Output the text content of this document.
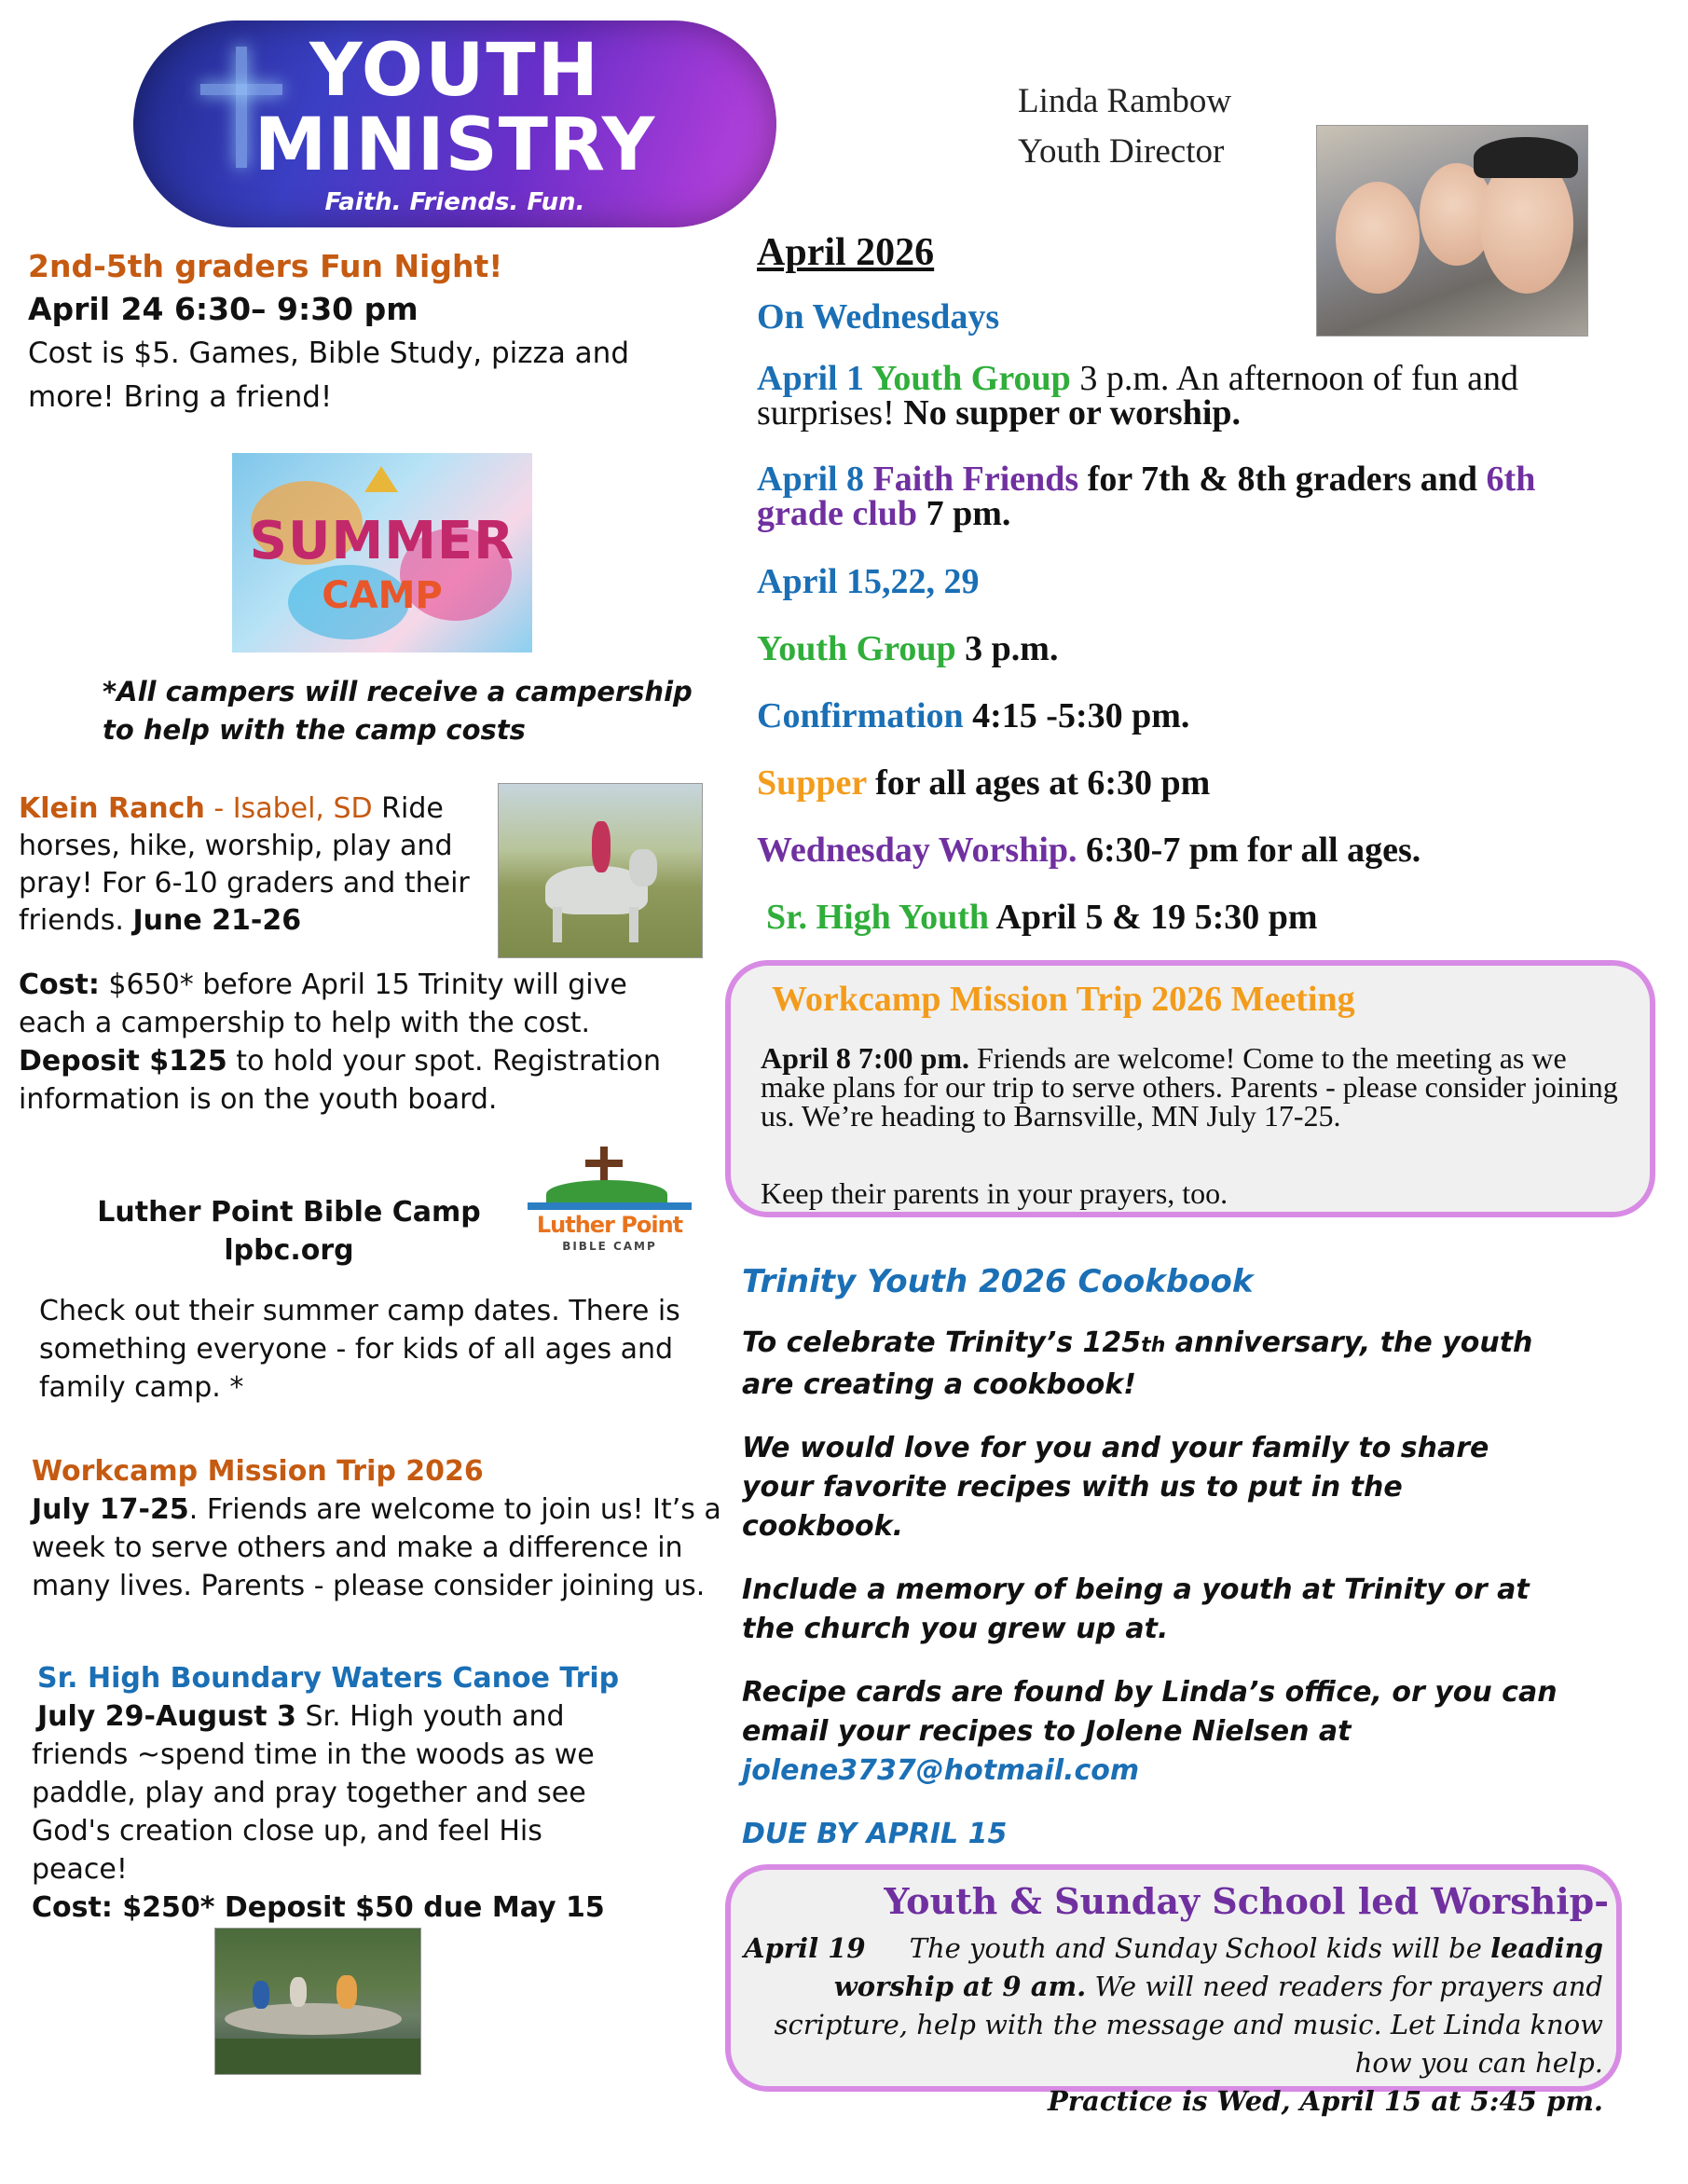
YOUTH
MINISTRY
Faith. Friends. Fun.
Linda Rambow
Youth Director
2nd-5th graders Fun Night!
April 24 6:30– 9:30 pm
Cost is $5. Games, Bible Study, pizza and more! Bring a friend!
SUMMER
CAMP
*All campers will receive a campership to help with the camp costs
Klein Ranch - Isabel, SD Ride horses, hike, worship, play and pray! For 6-10 graders and their friends. June 21-26
Cost: $650* before April 15 Trinity will give each a campership to help with the cost.
Deposit $125 to hold your spot. Registration information is on the youth board.
Luther Point
BIBLE CAMP
Luther Point Bible Camp
lpbc.org
Check out their summer camp dates. There is something everyone - for kids of all ages and family camp. *
Workcamp Mission Trip 2026
July 17-25. Friends are welcome to join us! It’s a week to serve others and make a difference in many lives. Parents - please consider joining us.
Sr. High Boundary Waters Canoe Trip
July 29-August 3 Sr. High youth and friends ~spend time in the woods as we paddle, play and pray together and see God's creation close up, and feel His peace!
Cost: $250* Deposit $50 due May 15
April 2026
On Wednesdays
April 1 Youth Group 3 p.m. An afternoon of fun and surprises! No supper or worship.
April 8 Faith Friends for 7th & 8th graders and 6th grade club 7 pm.
April 15,22, 29
Youth Group 3 p.m.
Confirmation 4:15 -5:30 pm.
Supper for all ages at 6:30 pm
Wednesday Worship. 6:30-7 pm for all ages.
Sr. High Youth April 5 & 19 5:30 pm
Workcamp Mission Trip 2026 Meeting
April 8 7:00 pm. Friends are welcome! Come to the meeting as we make plans for our trip to serve others. Parents - please consider joining us. We’re heading to Barnsville, MN July 17-25.
Keep their parents in your prayers, too.
Trinity Youth 2026 Cookbook
To celebrate Trinity’s 125th anniversary, the youth are creating a cookbook!
We would love for you and your family to share your favorite recipes with us to put in the cookbook.
Include a memory of being a youth at Trinity or at the church you grew up at.
Recipe cards are found by Linda’s office, or you can email your recipes to Jolene Nielsen at
jolene3737@hotmail.com
DUE BY APRIL 15
Youth & Sunday School led Worship-
April 19 The youth and Sunday School kids will be leading worship at 9 am. We will need readers for prayers and scripture, help with the message and music. Let Linda know how you can help.
Practice is Wed, April 15 at 5:45 pm.
